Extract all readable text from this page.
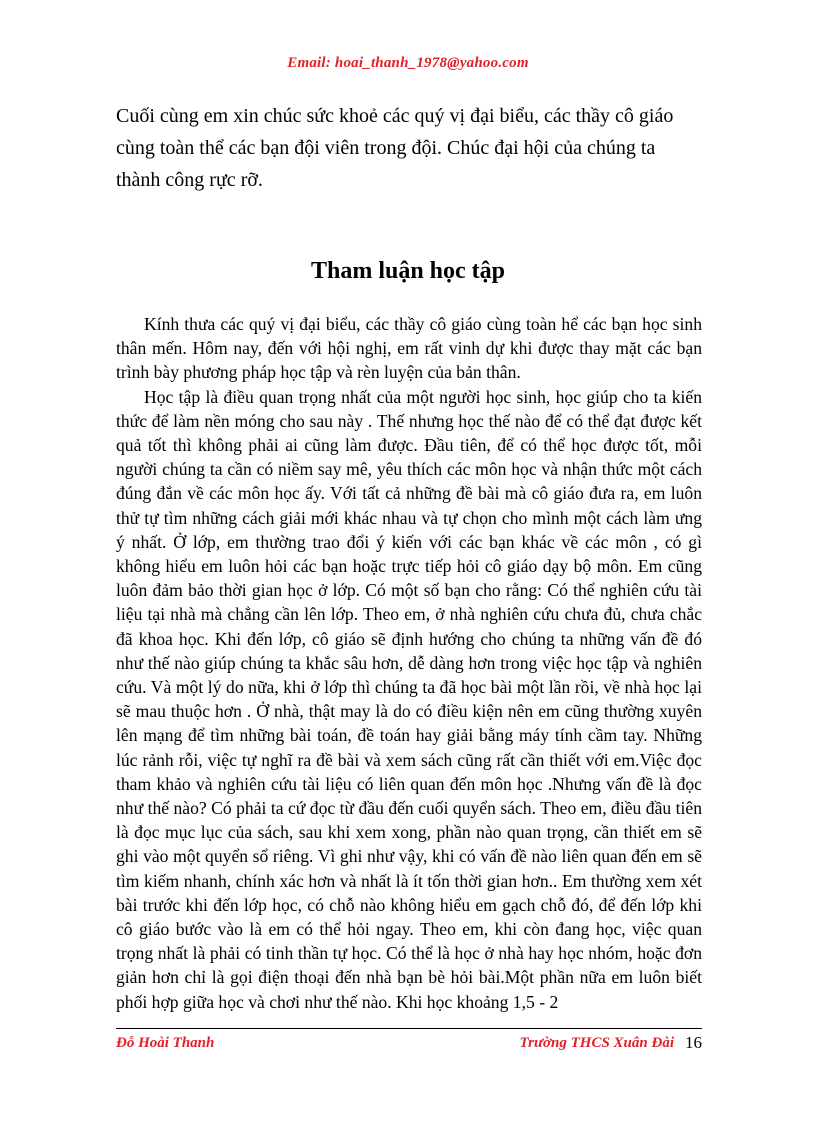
Email: hoai_thanh_1978@yahoo.com
Cuối cùng em xin chúc sức khoẻ các quý vị đại biểu, các thầy cô giáo cùng toàn thể các bạn đội viên trong đội. Chúc đại hội của chúng ta thành công rực rỡ.
Tham luận học tập

Kính thưa các quý vị đại biểu, các thầy cô giáo cùng toàn hể các bạn học sinh thân mến. Hôm nay, đến với hội nghị, em rất vinh dự khi được thay mặt các bạn trình bày phương pháp học tập và rèn luyện của bản thân.

Học tập là điều quan trọng nhất của một người học sinh, học giúp cho ta kiến thức để làm nền móng cho sau này . Thế nhưng học thế nào để có thể đạt được kết quả tốt thì không phải ai cũng làm được. Đầu tiên, để có thể học được tốt, mỗi người chúng ta cần có niềm say mê, yêu thích các môn học và nhận thức một cách đúng đắn về các môn học ấy. Với tất cả những đề bài mà cô giáo đưa ra, em luôn thử tự tìm những cách giải mới khác nhau và tự chọn cho mình một cách làm ưng ý nhất. Ở lớp, em thường trao đổi ý kiến với các bạn khác về các môn , có gì không hiểu em luôn hỏi các bạn hoặc trực tiếp hỏi cô giáo dạy bộ môn. Em cũng luôn đảm bảo thời gian học ở lớp. Có một số bạn cho rằng: Có thể nghiên cứu tài liệu tại nhà mà chẳng cần lên lớp. Theo em, ở nhà nghiên cứu chưa đủ, chưa chắc đã khoa học. Khi đến lớp, cô giáo sẽ định hướng cho chúng ta những vấn đề đó như thế nào giúp chúng ta khắc sâu hơn, dễ dàng hơn trong việc học tập và nghiên cứu. Và một lý do nữa, khi ở lớp thì chúng ta đã học bài một lần rồi, về nhà học lại sẽ mau thuộc hơn . Ở nhà, thật may là do có điều kiện nên em cũng thường xuyên lên mạng để tìm những bài toán, đề toán hay giải bằng máy tính cầm tay. Những lúc rảnh rỗi, việc tự nghĩ ra đề bài và xem sách cũng rất cần thiết với em.Việc đọc tham khảo và nghiên cứu tài liệu có liên quan đến môn học .Nhưng vấn đề là đọc như thế nào? Có phải ta cứ đọc từ đầu đến cuối quyển sách. Theo em, điều đầu tiên là đọc mục lục của sách, sau khi xem xong, phần nào quan trọng, cần thiết em sẽ ghi vào một quyển sổ riêng. Vì ghi như vậy, khi có vấn đề nào liên quan đến em sẽ tìm kiếm nhanh, chính xác hơn và nhất là ít tốn thời gian hơn.. Em thường xem xét bài trước khi đến lớp học, có chỗ nào không hiểu em gạch chỗ đó, để đến lớp khi cô giáo bước vào là em có thể hỏi ngay. Theo em, khi còn đang học, việc quan trọng nhất là phải có tinh thần tự học. Có thể là học ở nhà hay học nhóm, hoặc đơn giản hơn chỉ là gọi điện thoại đến nhà bạn bè hỏi bài.Một phần nữa em luôn biết phối hợp giữa học và chơi như thế nào. Khi học khoảng 1,5 - 2

Đỗ Hoài Thanh	Trường THCS Xuân Đài 16
